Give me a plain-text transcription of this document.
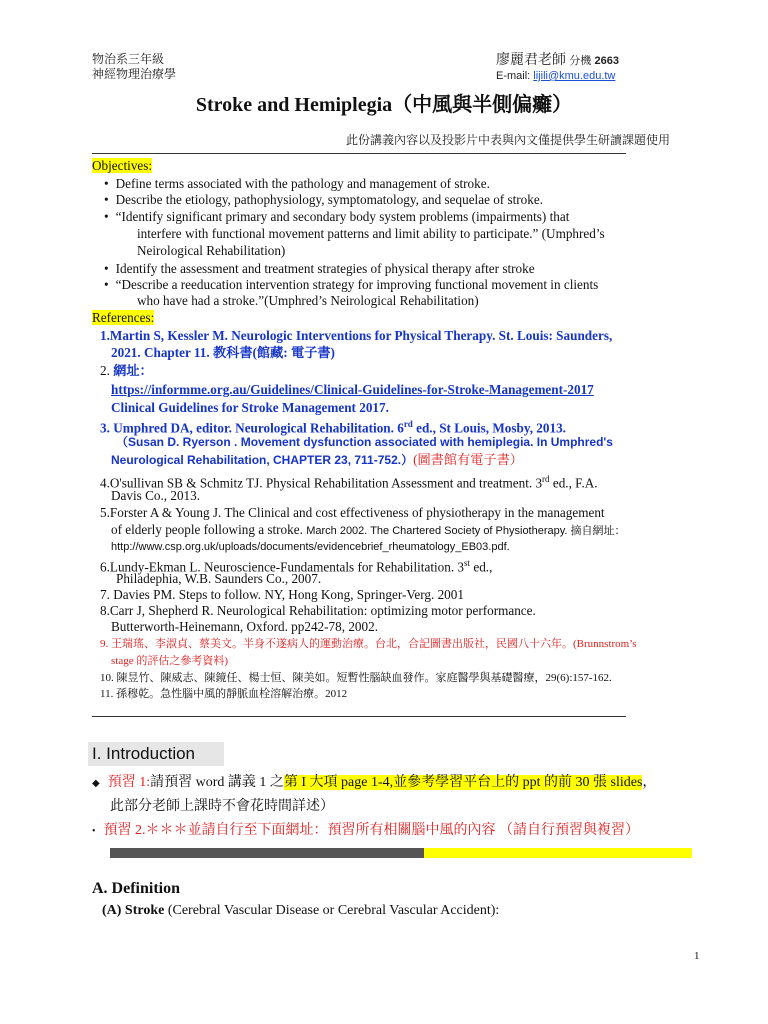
物治系三年級
神經物理治療學
廖麗君老師 分機 2663
E-mail: lijili@kmu.edu.tw
Stroke and Hemiplegia（中風與半側偏癱）
此份講義內容以及投影片中表與內文僅提供學生研讀課題使用
Objectives:
• Define terms associated with the pathology and management of stroke.
• Describe the etiology, pathophysiology, symptomatology, and sequelae of stroke.
• “Identify significant primary and secondary body system problems (impairments) that
interfere with functional movement patterns and limit ability to participate.” (Umphred’s
Neirological Rehabilitation)
• Identify the assessment and treatment strategies of physical therapy after stroke
• “Describe a reeducation intervention strategy for improving functional movement in clients
who have had a stroke.”(Umphred’s Neirological Rehabilitation)
References:
1.Martin S, Kessler M. Neurologic Interventions for Physical Therapy. St. Louis: Saunders,
2021. Chapter 11. 教科書(館藏: 電子書)
2. 網址：
https://informme.org.au/Guidelines/Clinical-Guidelines-for-Stroke-Management-2017
Clinical Guidelines for Stroke Management 2017.
3. Umphred DA, editor. Neurological Rehabilitation. 6rd ed., St Louis, Mosby, 2013.
（Susan D. Ryerson . Movement dysfunction associated with hemiplegia. In Umphred's
Neurological Rehabilitation, CHAPTER 23, 711-752.）(圖書館有電子書）
4.O'sullivan SB & Schmitz TJ. Physical Rehabilitation Assessment and treatment. 3rd ed., F.A.
Davis Co., 2013.
5.Forster A & Young J. The Clinical and cost effectiveness of physiotherapy in the management
of elderly people following a stroke. March 2002. The Chartered Society of Physiotherapy. 摘自網址：
http://www.csp.org.uk/uploads/documents/evidencebrief_rheumatology_EB03.pdf.
6.Lundy-Ekman L. Neuroscience-Fundamentals for Rehabilitation. 3st ed.,
Philadephia, W.B. Saunders Co., 2007.
7. Davies PM. Steps to follow. NY, Hong Kong, Springer-Verg. 2001
8.Carr J, Shepherd R. Neurological Rehabilitation: optimizing motor performance.
Butterworth-Heinemann, Oxford. pp242-78, 2002.
9. 王瑞瑤、李淑貞、蔡美文。半身不遂病人的運動治療。台北，合記圖書出版社，民國八十六年。(Brunnstrom’s
stage 的評估之參考資料)
10. 陳昱竹、陳威志、陳鏡任、楊士恒、陳美如。短暫性腦缺血發作。家庭醫學與基礎醫療，29(6):157-162.
11. 孫穆乾。急性腦中風的靜脈血栓溶解治療。2012
I. Introduction
◆ 預習 1:請預習 word 講義 1 之第 I 大項 page 1-4,並參考學習平台上的 ppt 的前 30 張 slides，
此部分老師上課時不會花時間詳述）
• 預習 2.＊＊＊並請自行至下面網址：預習所有相關腦中風的內容 （請自行預習與複習）
A. Definition
(A) Stroke (Cerebral Vascular Disease or Cerebral Vascular Accident):
1
